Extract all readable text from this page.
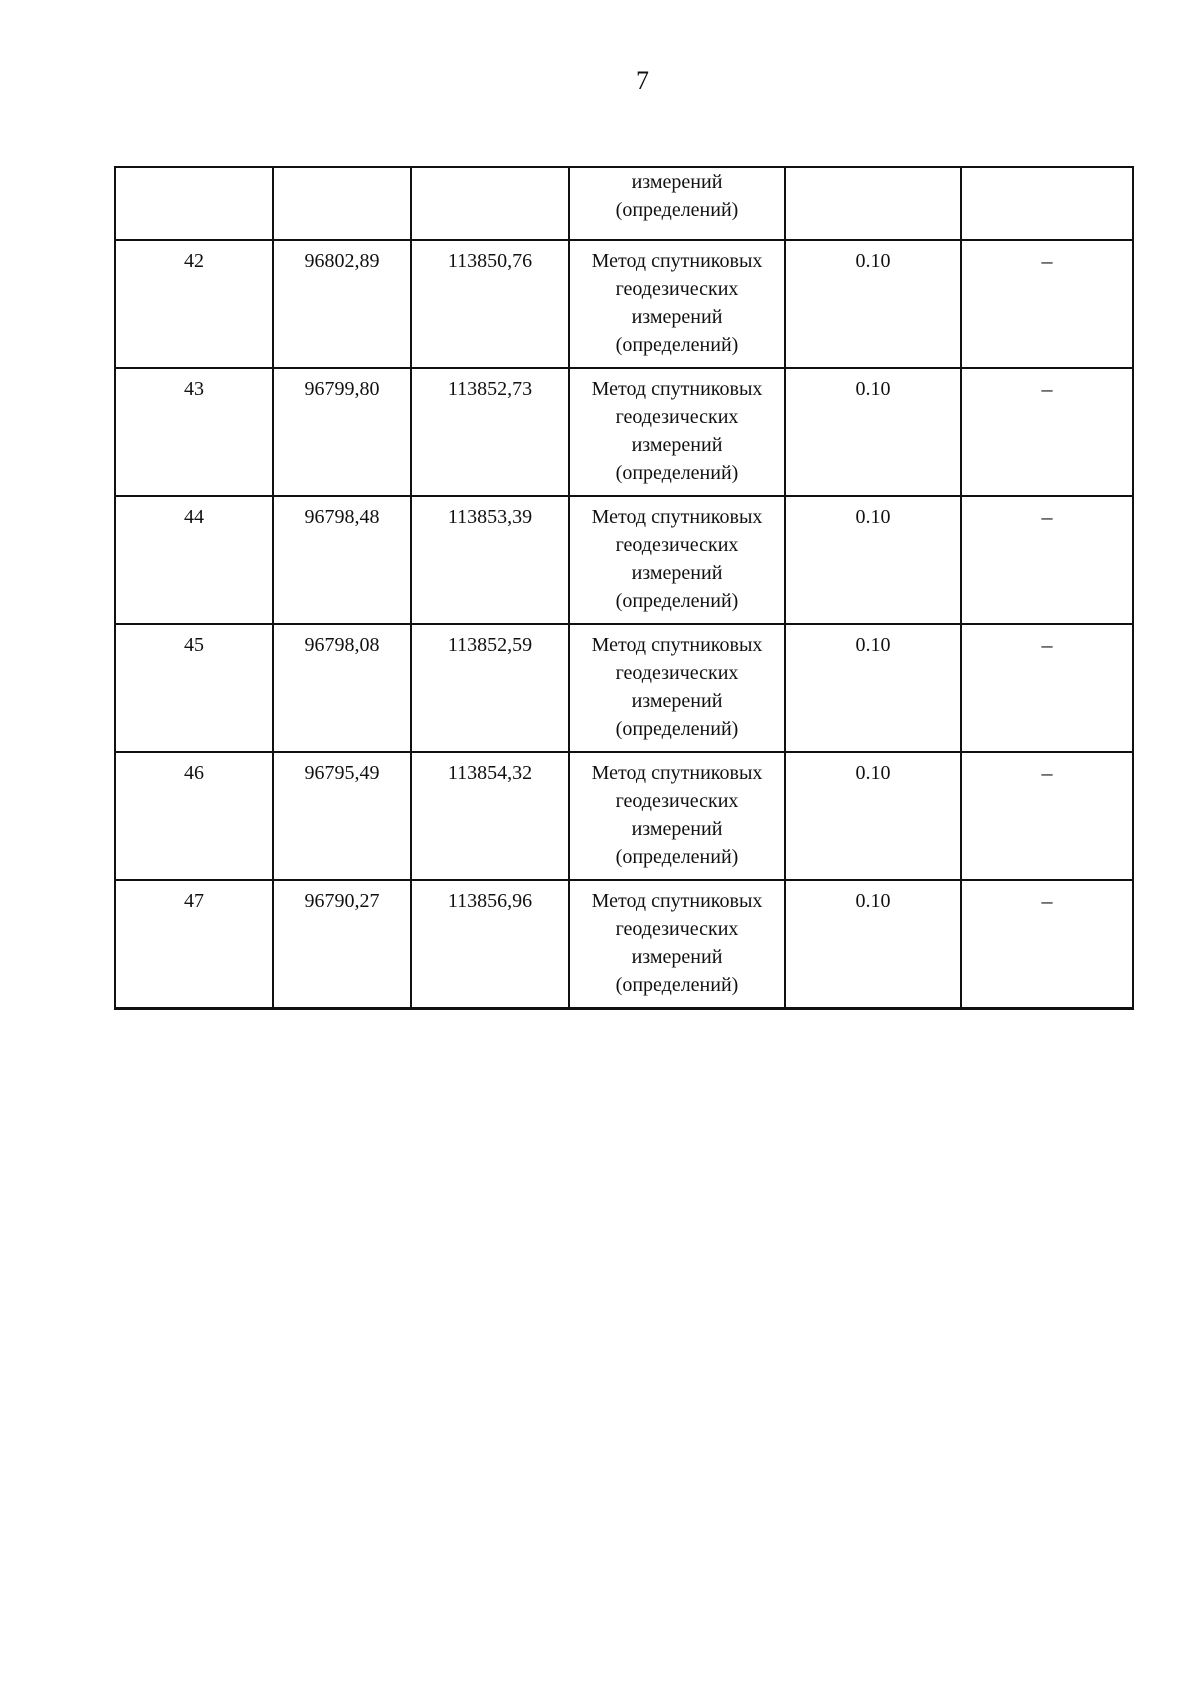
7
			измерений
(определений)		
42	96802,89	113850,76	Метод спутниковых
геодезических
измерений
(определений)	0.10	–
43	96799,80	113852,73	Метод спутниковых
геодезических
измерений
(определений)	0.10	–
44	96798,48	113853,39	Метод спутниковых
геодезических
измерений
(определений)	0.10	–
45	96798,08	113852,59	Метод спутниковых
геодезических
измерений
(определений)	0.10	–
46	96795,49	113854,32	Метод спутниковых
геодезических
измерений
(определений)	0.10	–
47	96790,27	113856,96	Метод спутниковых
геодезических
измерений
(определений)	0.10	–
